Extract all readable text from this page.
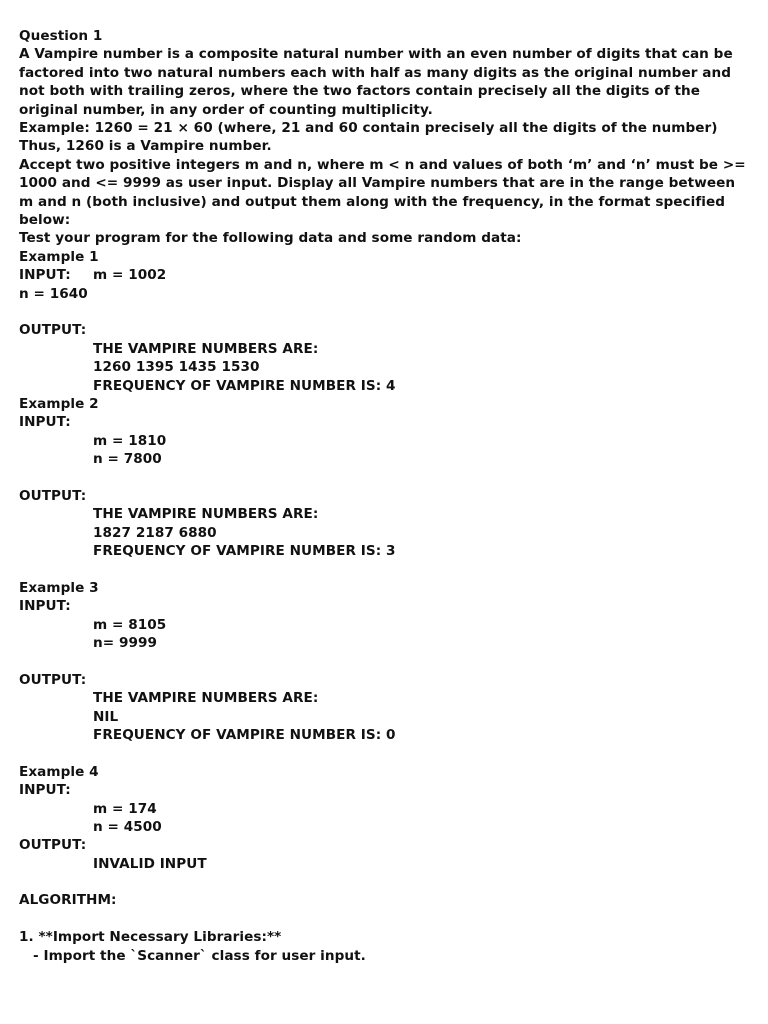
Question 1
A Vampire number is a composite natural number with an even number of digits that can be factored into two natural numbers each with half as many digits as the original number and not both with trailing zeros, where the two factors contain precisely all the digits of the original number, in any order of counting multiplicity.
Example: 1260 = 21 × 60 (where, 21 and 60 contain precisely all the digits of the number)
Thus, 1260 is a Vampire number.
Accept two positive integers m and n, where m < n and values of both ‘m’ and ‘n’ must be >= 1000 and <= 9999 as user input. Display all Vampire numbers that are in the range between m and n (both inclusive) and output them along with the frequency, in the format specified below:
Test your program for the following data and some random data:
Example 1
INPUT: m = 1002
n = 1640
OUTPUT:
THE VAMPIRE NUMBERS ARE:
1260 1395 1435 1530
FREQUENCY OF VAMPIRE NUMBER IS: 4
Example 2
INPUT:
m = 1810
n = 7800
OUTPUT:
THE VAMPIRE NUMBERS ARE:
1827 2187 6880
FREQUENCY OF VAMPIRE NUMBER IS: 3
Example 3
INPUT:
m = 8105
n= 9999
OUTPUT:
THE VAMPIRE NUMBERS ARE:
NIL
FREQUENCY OF VAMPIRE NUMBER IS: 0
Example 4
INPUT:
m = 174
n = 4500
OUTPUT:
INVALID INPUT
ALGORITHM:
1. **Import Necessary Libraries:**
- Import the `Scanner` class for user input.
